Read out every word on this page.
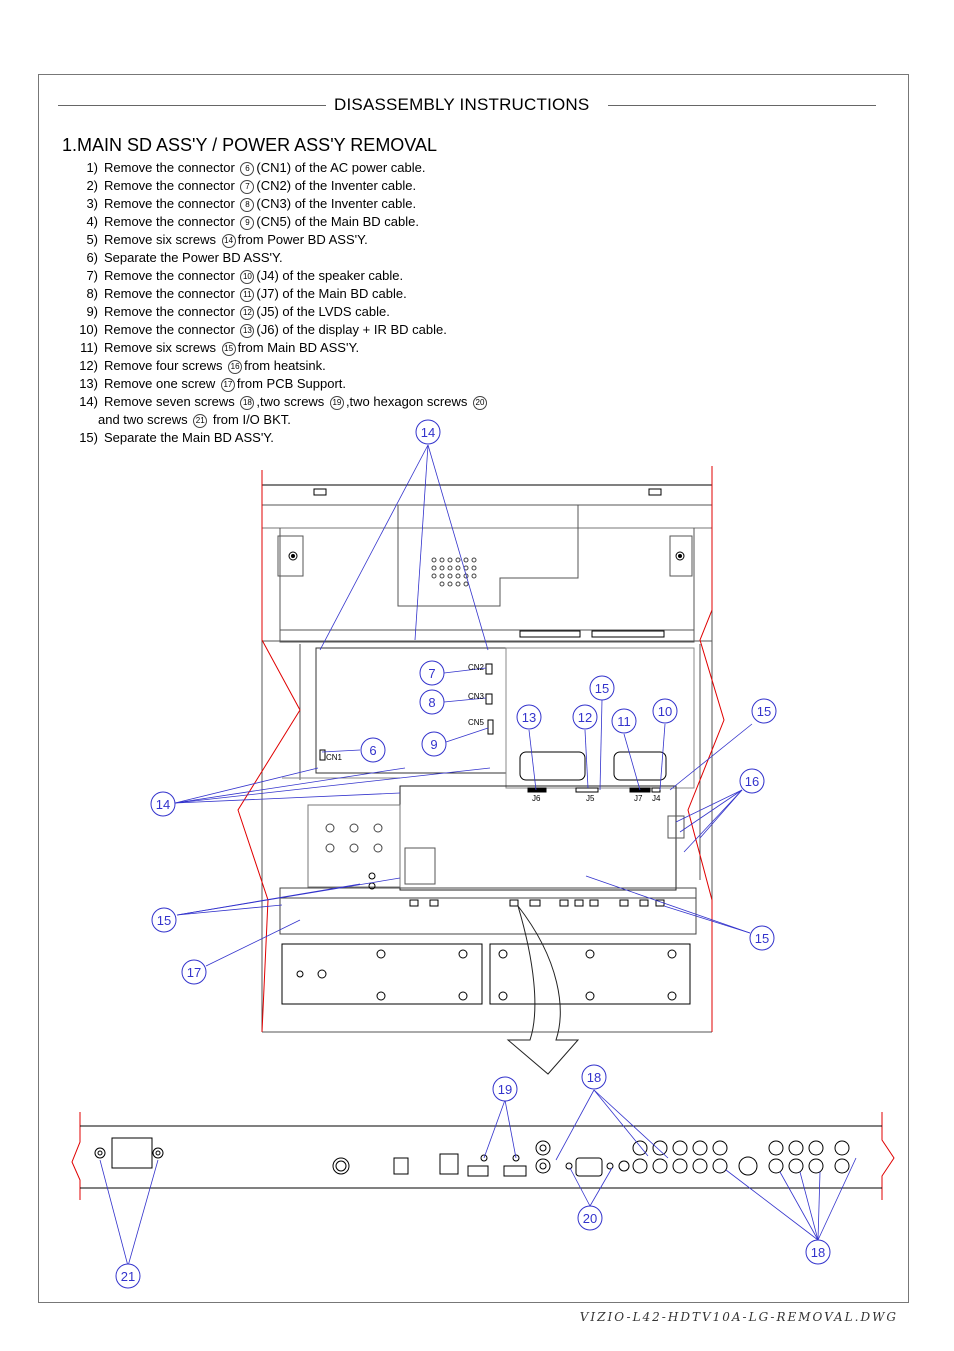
DISASSEMBLY INSTRUCTIONS
1.MAIN SD ASS'Y / POWER ASS'Y REMOVAL
1) Remove the connector 6 (CN1) of the AC power cable.
2) Remove the connector 7 (CN2) of the Inventer cable.
3) Remove the connector 8 (CN3) of the Inventer cable.
4) Remove the connector 9 (CN5) of the Main BD cable.
5) Remove six screws 14 from Power BD ASS'Y.
6) Separate the Power BD ASS'Y.
7) Remove the connector 10 (J4) of the speaker cable.
8) Remove the connector 11 (J7) of the Main BD cable.
9) Remove the connector 12 (J5) of the LVDS cable.
10) Remove the connector 13 (J6) of the display + IR BD cable.
11) Remove six screws 15 from Main BD ASS'Y.
12) Remove four screws 16 from heatsink.
13) Remove one screw 17 from PCB Support.
14) Remove seven screws 18 ,two screws 19 ,two hexagon screws 20
and two screws 21 from I/O BKT.
15) Separate the Main BD ASS'Y.
CN2
CN3
CN5
CN1
J6	J5	J7 J4
14
7
8
9
6
13	12
15
11
10	15
16
14
15
17
15
19
18
20
18
21
VIZIO-L42-HDTV10A-LG-REMOVAL.DWG
